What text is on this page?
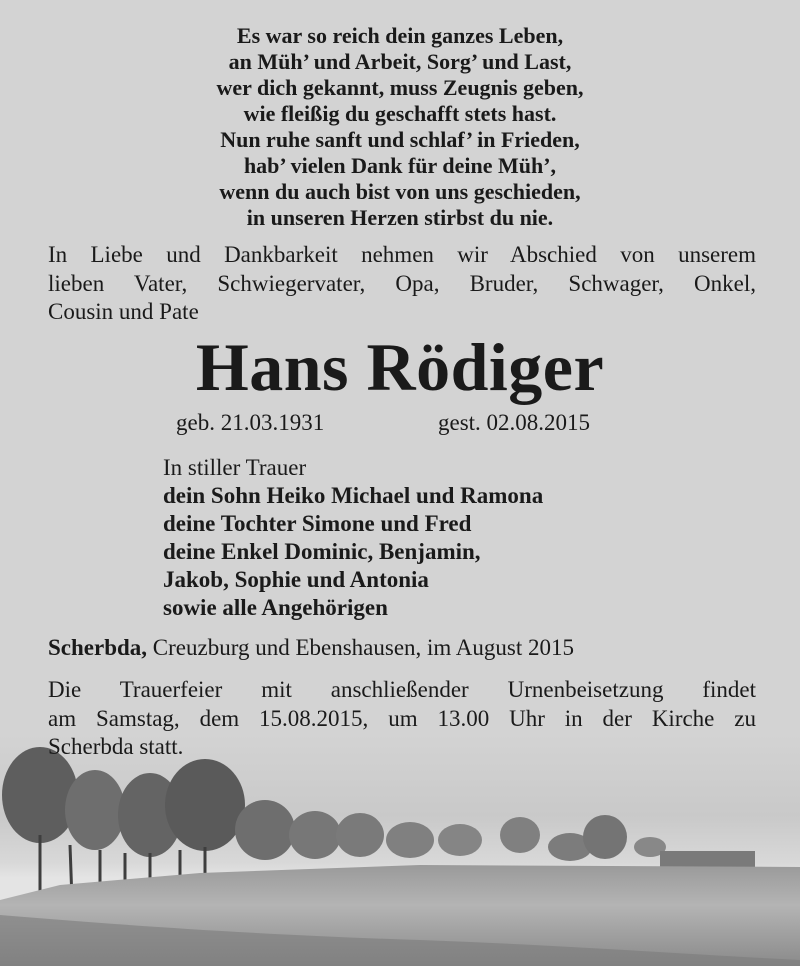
Es war so reich dein ganzes Leben,
an Müh’ und Arbeit, Sorg’ und Last,
wer dich gekannt, muss Zeugnis geben,
wie fleißig du geschafft stets hast.
Nun ruhe sanft und schlaf’ in Frieden,
hab’ vielen Dank für deine Müh’,
wenn du auch bist von uns geschieden,
in unseren Herzen stirbst du nie.
In Liebe und Dankbarkeit nehmen wir Abschied von unserem
lieben Vater, Schwiegervater, Opa, Bruder, Schwager, Onkel,
Cousin und Pate
Hans Rödiger
geb. 21.03.1931	gest. 02.08.2015
In stiller Trauer
dein Sohn Heiko Michael und Ramona
deine Tochter Simone und Fred
deine Enkel Dominic, Benjamin,
Jakob, Sophie und Antonia
sowie alle Angehörigen
Scherbda, Creuzburg und Ebenshausen, im August 2015
Die Trauerfeier mit anschließender Urnenbeisetzung findet
am Samstag, dem 15.08.2015, um 13.00 Uhr in der Kirche zu
Scherbda statt.
